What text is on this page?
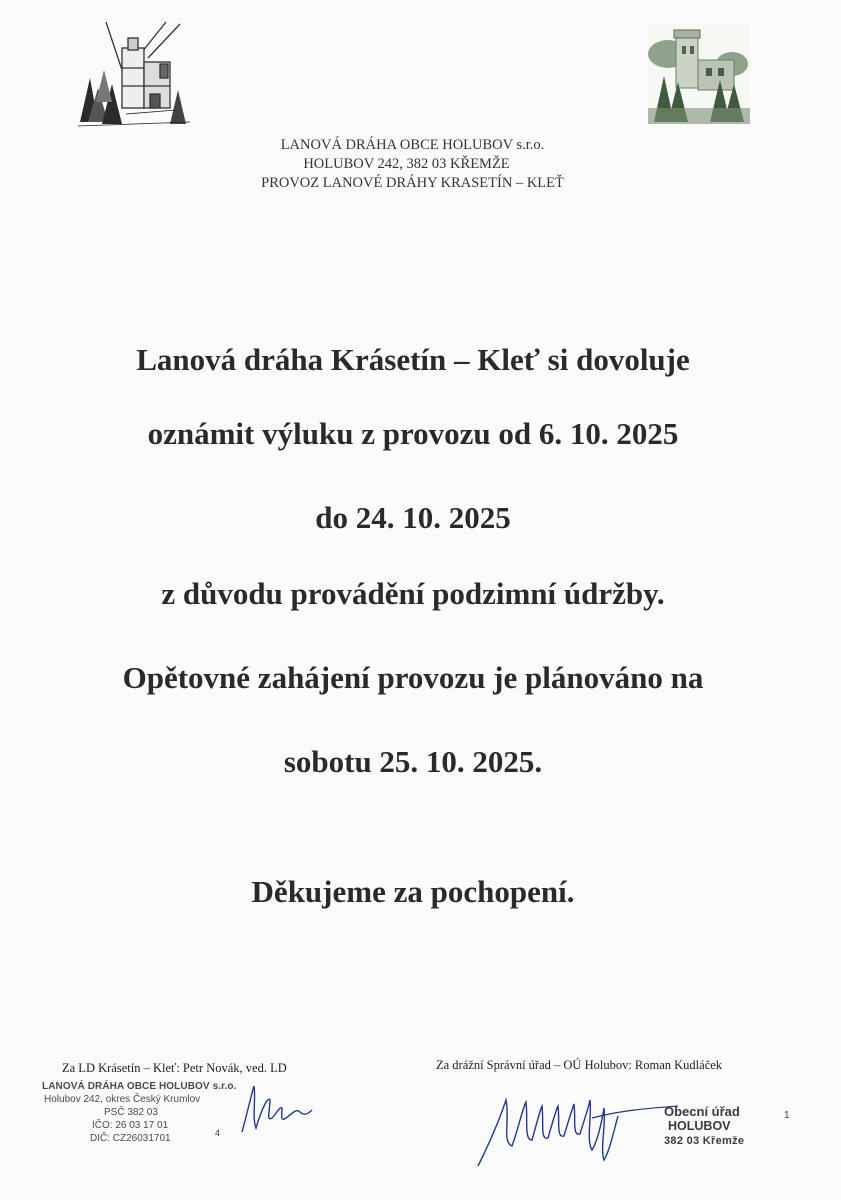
LANOVÁ DRÁHA OBCE HOLUBOV s.r.o.
HOLUBOV 242, 382 03 KŘEMŽE
PROVOZ LANOVÉ DRÁHY KRASETÍN – KLEŤ
Lanová dráha Krásetín – Kleť si dovoluje
oznámit výluku z provozu od 6. 10. 2025
do 24. 10. 2025
z důvodu provádění podzimní údržby.
Opětovné zahájení provozu je plánováno na
sobotu 25. 10. 2025.
Děkujeme za pochopení.
Za LD Krásetín – Kleť: Petr Novák, ved. LD	Za drážní Správní úřad – OÚ Holubov: Roman Kudláček
LANOVÁ DRÁHA OBCE HOLUBOV s.r.o.
Holubov 242, okres Český Krumlov
PSČ 382 03
IČO: 26 03 17 01
DIČ: CZ26031701	4
Obecní úřad
HOLUBOV
382 03 Křemže
1
